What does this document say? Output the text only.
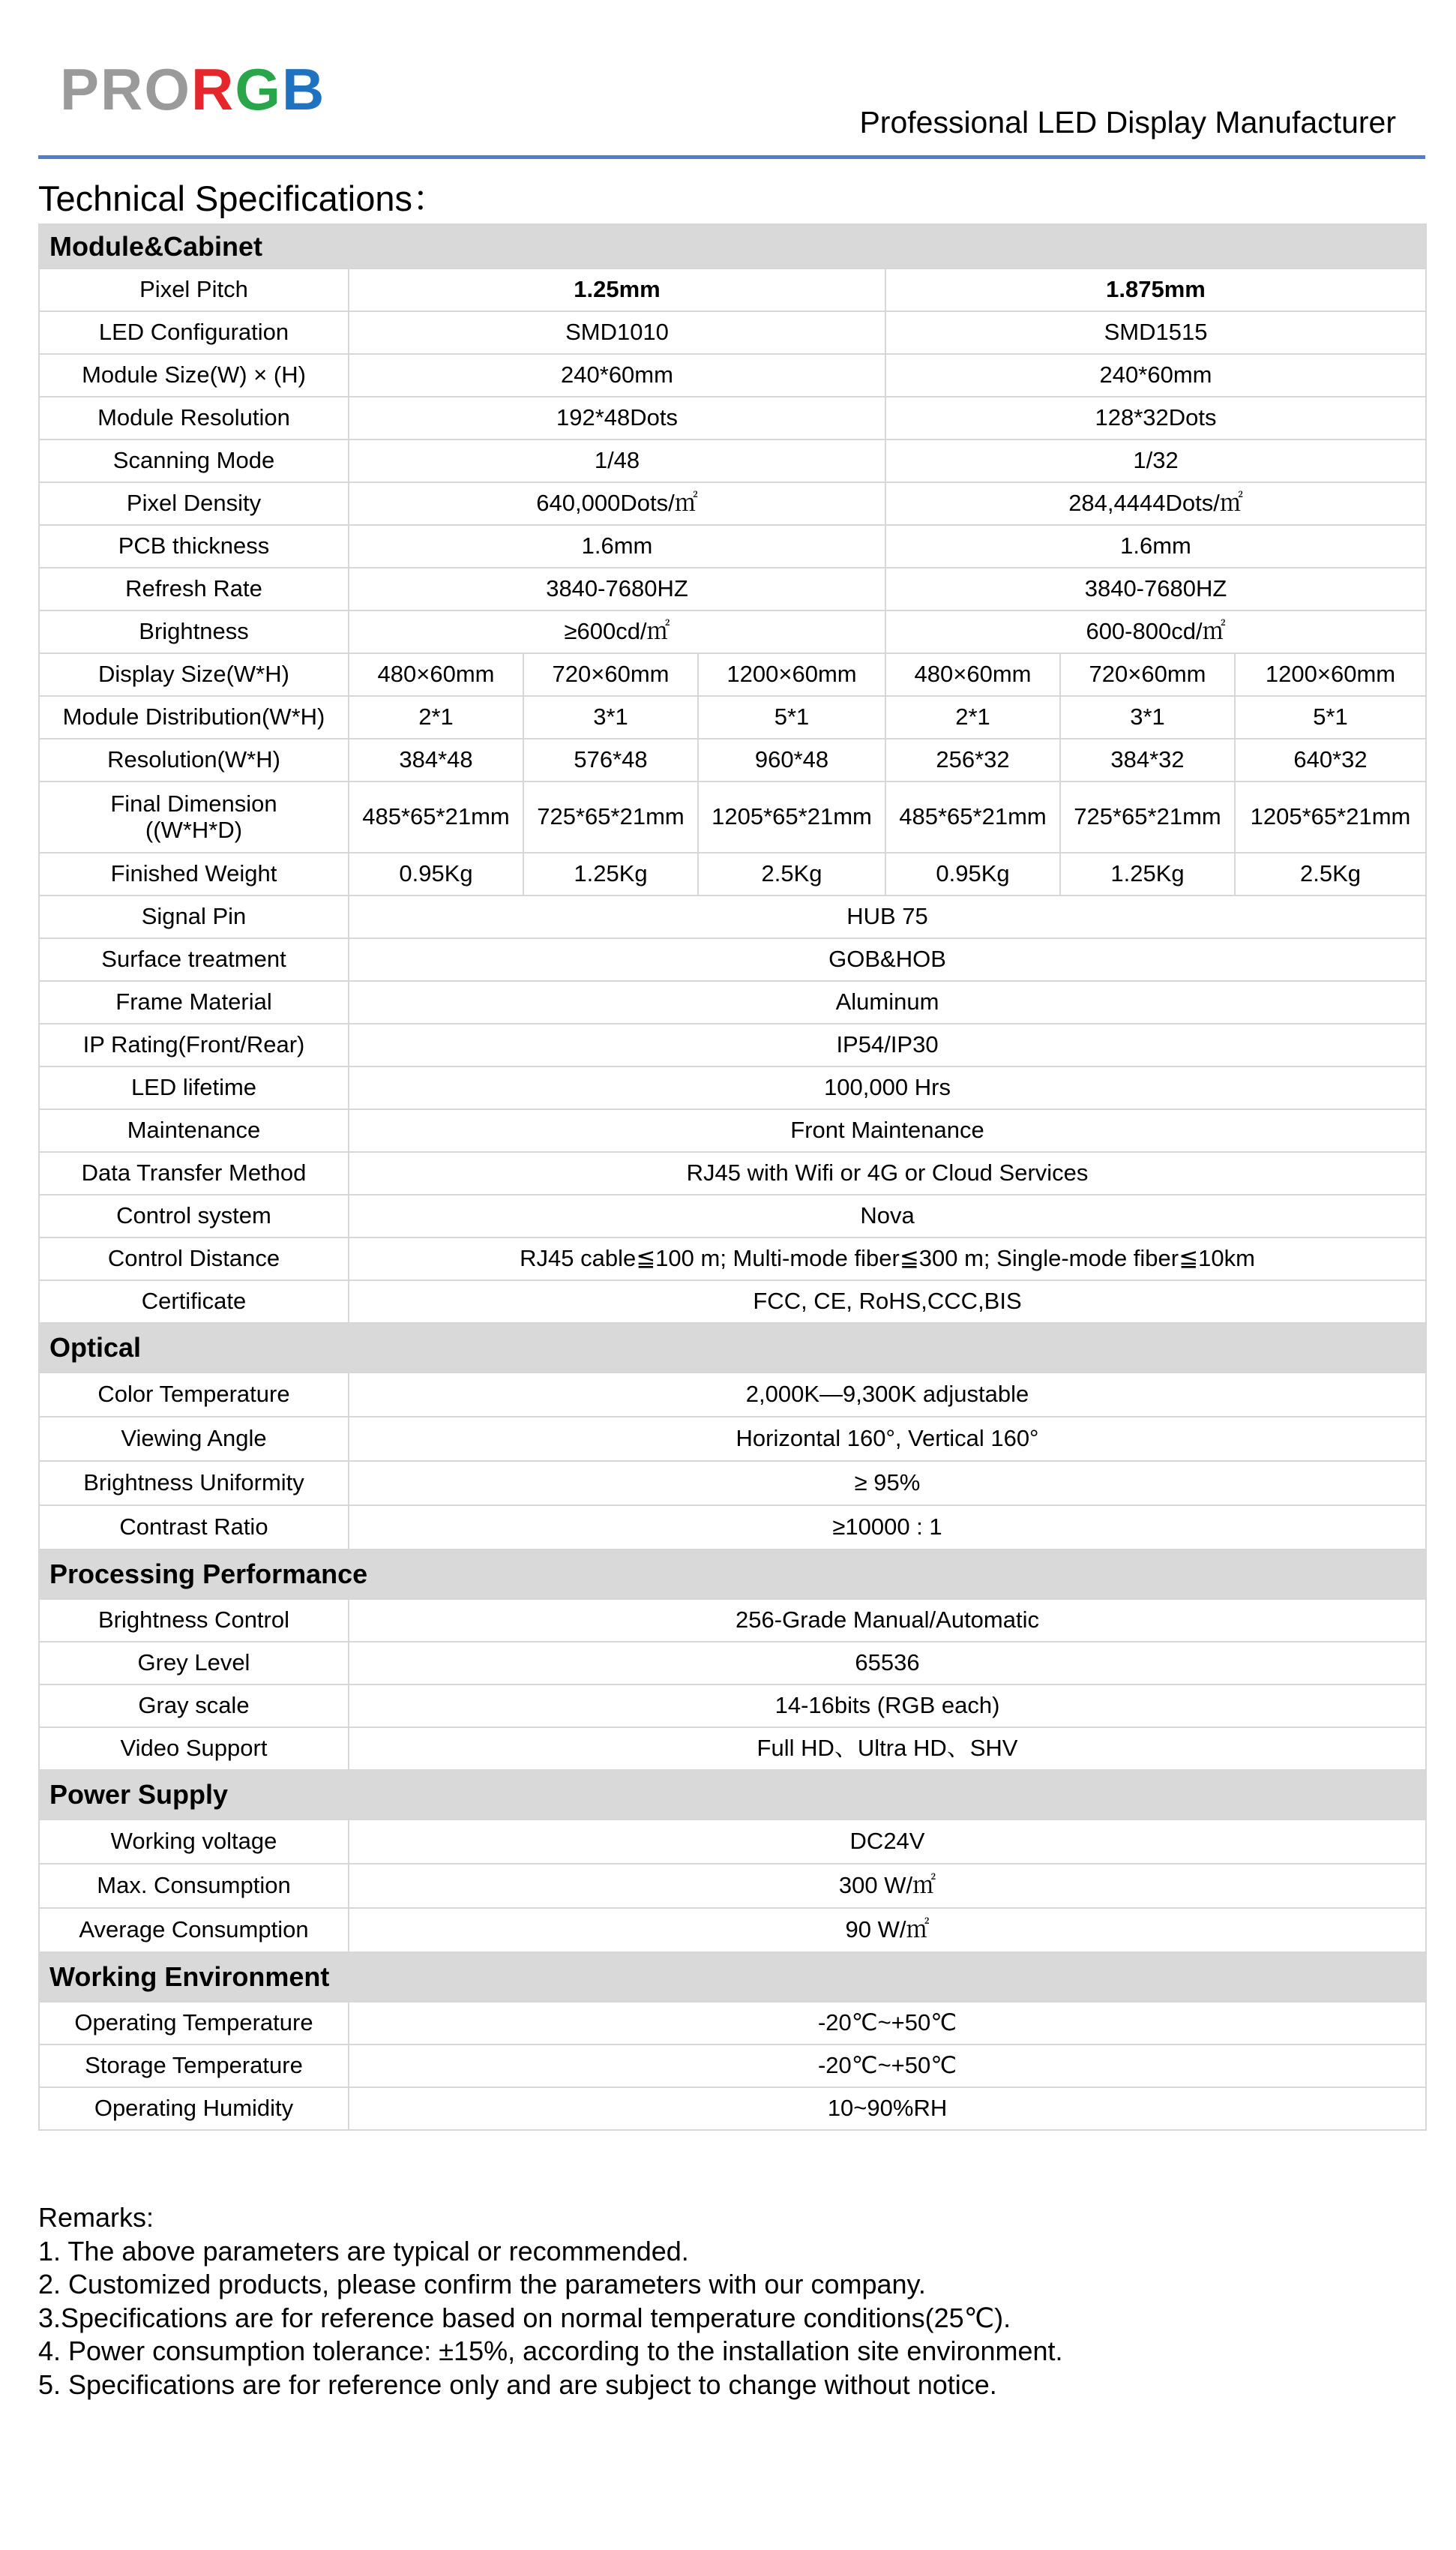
PRORGB	Professional LED Display Manufacturer
Technical Specifications：
Module&Cabinet						
Pixel Pitch	1.25mm			1.875mm		
LED Configuration	SMD1010			SMD1515		
Module Size(W) × (H)	240*60mm			240*60mm		
Module Resolution	192*48Dots			128*32Dots		
Scanning Mode	1/48			1/32		
Pixel Density	640,000Dots/㎡			284,4444Dots/㎡		
PCB thickness	1.6mm			1.6mm		
Refresh Rate	3840-7680HZ			3840-7680HZ		
Brightness	≥600cd/㎡			600-800cd/㎡		
Display Size(W*H)	480×60mm	720×60mm	1200×60mm	480×60mm	720×60mm	1200×60mm
Module Distribution(W*H)	2*1	3*1	5*1	2*1	3*1	5*1
Resolution(W*H)	384*48	576*48	960*48	256*32	384*32	640*32
Final Dimension
((W*H*D)	485*65*21mm	725*65*21mm	1205*65*21mm	485*65*21mm	725*65*21mm	1205*65*21mm
Finished Weight	0.95Kg	1.25Kg	2.5Kg	0.95Kg	1.25Kg	2.5Kg
Signal Pin	HUB 75					
Surface treatment	GOB&HOB					
Frame Material	Aluminum					
IP Rating(Front/Rear)	IP54/IP30					
LED lifetime	100,000 Hrs					
Maintenance	Front Maintenance					
Data Transfer Method	RJ45 with Wifi or 4G or Cloud Services					
Control system	Nova					
Control Distance	RJ45 cable≦100 m; Multi-mode fiber≦300 m; Single-mode fiber≦10km					
Certificate	FCC, CE, RoHS,CCC,BIS					
Optical						
Color Temperature	2,000K—9,300K adjustable					
Viewing Angle	Horizontal 160°, Vertical 160°					
Brightness Uniformity	≥ 95%					
Contrast Ratio	≥10000 : 1					
Processing Performance						
Brightness Control	256-Grade Manual/Automatic					
Grey Level	65536					
Gray scale	14-16bits (RGB each)					
Video Support	Full HD、Ultra HD、SHV					
Power Supply						
Working voltage	DC24V					
Max. Consumption	300 W/㎡					
Average Consumption	90 W/㎡					
Working Environment						
Operating Temperature	-20℃~+50℃					
Storage Temperature	-20℃~+50℃					
Operating Humidity	10~90%RH					
Remarks:
1. The above parameters are typical or recommended.
2. Customized products, please confirm the parameters with our company.
3.Specifications are for reference based on normal temperature conditions(25℃).
4. Power consumption tolerance: ±15%, according to the installation site environment.
5. Specifications are for reference only and are subject to change without notice.
